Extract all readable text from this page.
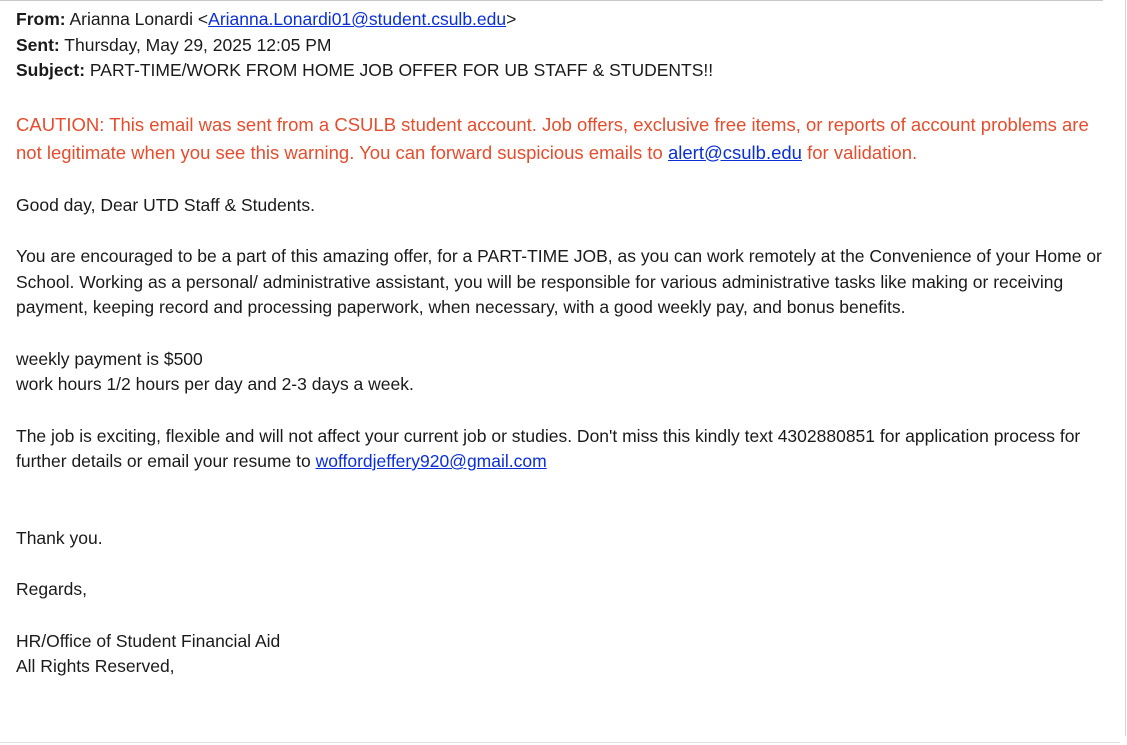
From: Arianna Lonardi <Arianna.Lonardi01@student.csulb.edu>
Sent: Thursday, May 29, 2025 12:05 PM
Subject: PART-TIME/WORK FROM HOME JOB OFFER FOR UB STAFF & STUDENTS!!
CAUTION: This email was sent from a CSULB student account. Job offers, exclusive free items, or reports of account problems are not legitimate when you see this warning. You can forward suspicious emails to alert@csulb.edu for validation.

Good day, Dear UTD Staff & Students.

You are encouraged to be a part of this amazing offer, for a PART-TIME JOB, as you can work remotely at the Convenience of your Home or School. Working as a personal/ administrative assistant, you will be responsible for various administrative tasks like making or receiving payment, keeping record and processing paperwork, when necessary, with a good weekly pay, and bonus benefits.

weekly payment is $500

work hours 1/2 hours per day and 2-3 days a week.

The job is exciting, flexible and will not affect your current job or studies. Don't miss this kindly text 4302880851 for application process for further details or email your resume to woffordjeffery920@gmail.com

Thank you.

Regards,

HR/Office of Student Financial Aid

All Rights Reserved,
